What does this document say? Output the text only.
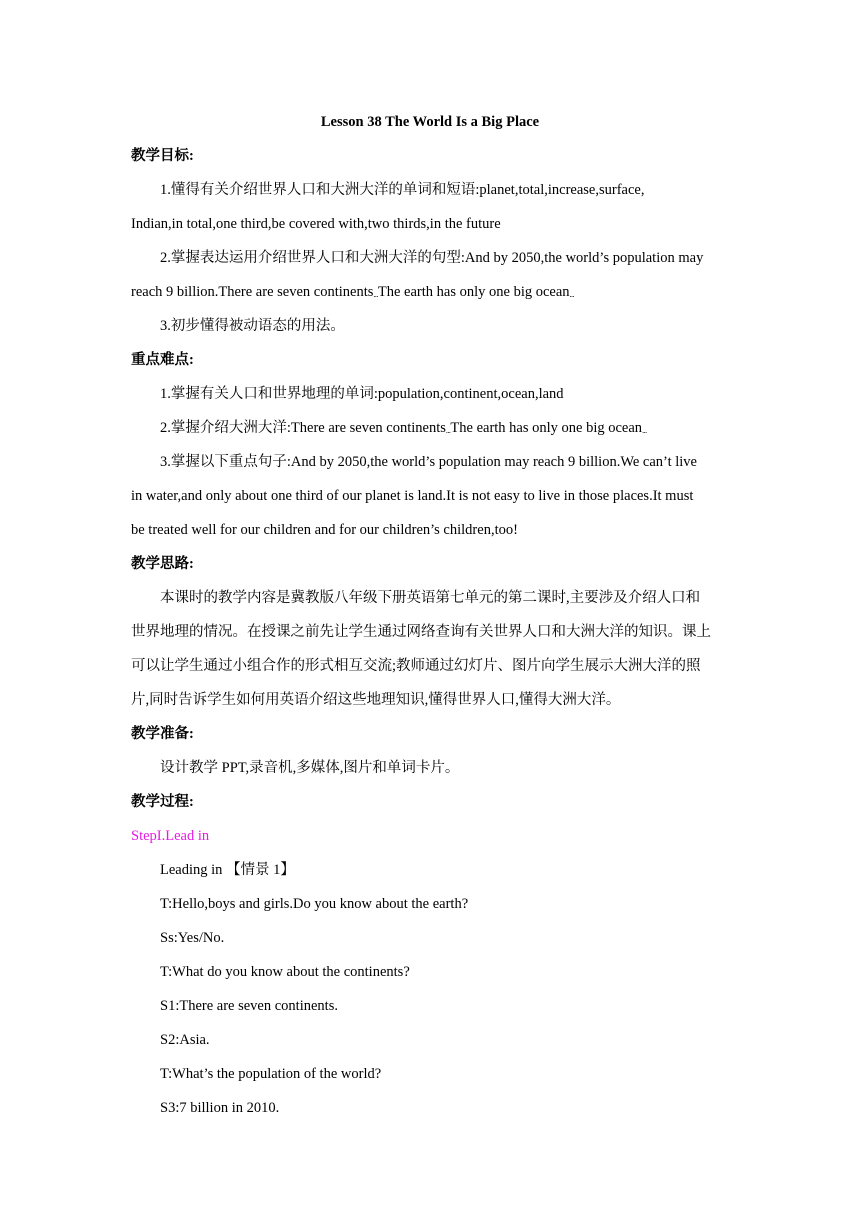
Lesson 38 The World Is a Big Place
教学目标:
1.懂得有关介绍世界人口和大洲大洋的单词和短语:planet,total,increase,surface,
Indian,in total,one third,be covered with,two thirds,in the future
2.掌握表达运用介绍世界人口和大洲大洋的句型:And by 2050,the world’s population may
reach 9 billion.There are seven continents...The earth has only one big ocean...
3.初步懂得被动语态的用法。
重点难点:
1.掌握有关人口和世界地理的单词:population,continent,ocean,land
2.掌握介绍大洲大洋:There are seven continents...The earth has only one big ocean...
3.掌握以下重点句子:And by 2050,the world’s population may reach 9 billion.We can’t live
in water,and only about one third of our planet is land.It is not easy to live in those places.It must
be treated well for our children and for our children’s children,too!
教学思路:
本课时的教学内容是冀教版八年级下册英语第七单元的第二课时,主要涉及介绍人口和
世界地理的情况。在授课之前先让学生通过网络查询有关世界人口和大洲大洋的知识。课上
可以让学生通过小组合作的形式相互交流;教师通过幻灯片、图片向学生展示大洲大洋的照
片,同时告诉学生如何用英语介绍这些地理知识,懂得世界人口,懂得大洲大洋。
教学准备:
设计教学 PPT,录音机,多媒体,图片和单词卡片。
教学过程:
StepI.Lead in
Leading in 【情景 1】
T:Hello,boys and girls.Do you know about the earth?
Ss:Yes/No.
T:What do you know about the continents?
S1:There are seven continents.
S2:Asia.
T:What’s the population of the world?
S3:7 billion in 2010.
